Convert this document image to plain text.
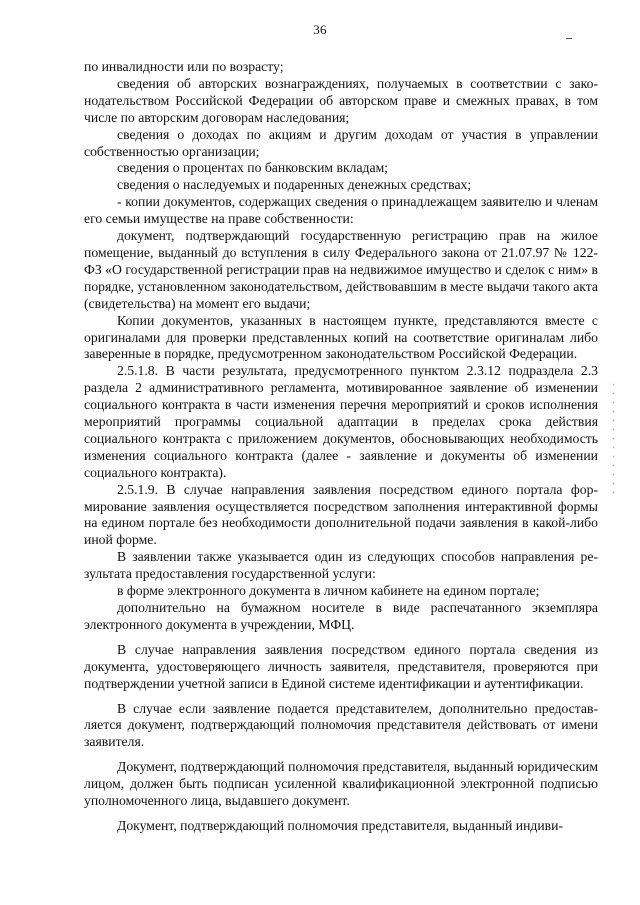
36

по инвалидности или по возрасту;

сведения об авторских вознаграждениях, получаемых в соответствии с законодательством Российской Федерации об авторском праве и смежных правах, в том числе по авторским договорам наследования;

сведения о доходах по акциям и другим доходам от участия в управлении собственностью организации;

сведения о процентах по банковским вкладам;

сведения о наследуемых и подаренных денежных средствах;

- копии документов, содержащих сведения о принадлежащем заявителю и членам его семьи имуществе на праве собственности:

документ, подтверждающий государственную регистрацию прав на жилое помещение, выданный до вступления в силу Федерального закона от 21.07.97 № 122-ФЗ «О государственной регистрации прав на недвижимое имущество и сделок с ним» в порядке, установленном законодательством, действовавшим в месте выдачи такого акта (свидетельства) на момент его выдачи;

Копии документов, указанных в настоящем пункте, представляются вместе с оригиналами для проверки представленных копий на соответствие оригиналам либо заверенные в порядке, предусмотренном законодательством Российской Федерации.

2.5.1.8. В части результата, предусмотренного пунктом 2.3.12 подраздела 2.3 раздела 2 административного регламента, мотивированное заявление об изменении социального контракта в части изменения перечня мероприятий и сроков исполнения мероприятий программы социальной адаптации в пределах срока действия социального контракта с приложением документов, обосновывающих необходимость изменения социального контракта (далее - заявление и документы об изменении социального контракта).

2.5.1.9. В случае направления заявления посредством единого портала формирование заявления осуществляется посредством заполнения интерактивной формы на едином портале без необходимости дополнительной подачи заявления в какой-либо иной форме.

В заявлении также указывается один из следующих способов направления результата предоставления государственной услуги:

в форме электронного документа в личном кабинете на едином портале;

дополнительно на бумажном носителе в виде распечатанного экземпляра электронного документа в учреждении, МФЦ.

В случае направления заявления посредством единого портала сведения из документа, удостоверяющего личность заявителя, представителя, проверяются при подтверждении учетной записи в Единой системе идентификации и аутентификации.

В случае если заявление подается представителем, дополнительно предоставляется документ, подтверждающий полномочия представителя действовать от имени заявителя.

Документ, подтверждающий полномочия представителя, выданный юридическим лицом, должен быть подписан усиленной квалификационной электронной подписью уполномоченного лица, выдавшего документ.

Документ, подтверждающий полномочия представителя, выданный индиви-
